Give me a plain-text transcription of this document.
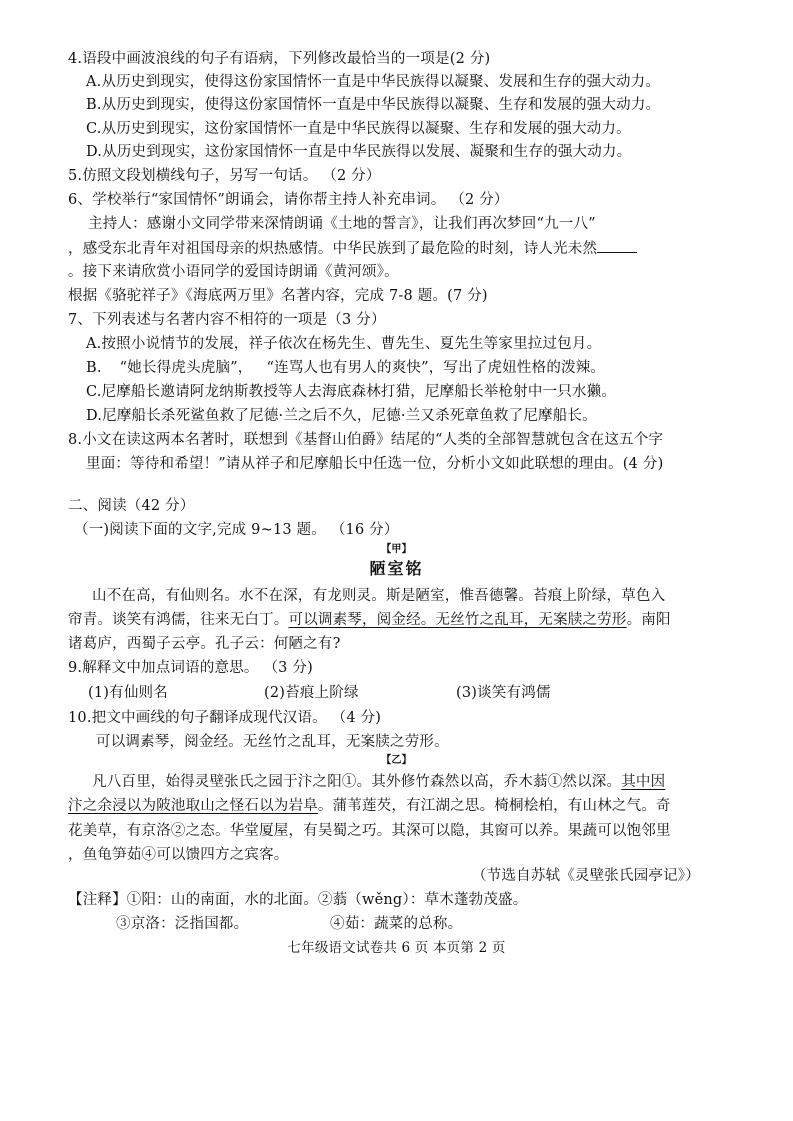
4.语段中画波浪线的句子有语病，下列修改最恰当的一项是(2 分)
A.从历史到现实，使得这份家国情怀一直是中华民族得以凝聚、发展和生存的强大动力。
B.从历史到现实，使得这份家国情怀一直是中华民族得以凝聚、生存和发展的强大动力。
C.从历史到现实，这份家国情怀一直是中华民族得以凝聚、生存和发展的强大动力。
D.从历史到现实，这份家国情怀一直是中华民族得以发展、凝聚和生存的强大动力。
5.仿照文段划横线句子，另写一句话。 （2 分）
6、学校举行“家国情怀”朗诵会，请你帮主持人补充串词。 （2 分）
主持人：感谢小文同学带来深情朗诵《土地的誓言》，让我们再次梦回“九一八”
，感受东北青年对祖国母亲的炽热感情。中华民族到了最危险的时刻，诗人光未然
。接下来请欣赏小语同学的爱国诗朗诵《黄河颂》。
根据《骆驼祥子》《海底两万里》名著内容，完成 7-8 题。(7 分)
7、下列表述与名著内容不相符的一项是（3 分）
A.按照小说情节的发展，祥子依次在杨先生、曹先生、夏先生等家里拉过包月。
B. “她长得虎头虎脑”， “连骂人也有男人的爽快”，写出了虎妞性格的泼辣。
C.尼摩船长邀请阿龙纳斯教授等人去海底森林打猎，尼摩船长举枪射中一只水獭。
D.尼摩船长杀死鲨鱼救了尼德·兰之后不久，尼德·兰又杀死章鱼救了尼摩船长。
8.小文在读这两本名著时，联想到《基督山伯爵》结尾的“人类的全部智慧就包含在这五个字
里面：等待和希望！”请从祥子和尼摩船长中任选一位，分析小文如此联想的理由。(4 分)
二、阅读（42 分）
（一)阅读下面的文字,完成 9~13 题。 （16 分）
【甲】
陋室铭
山不在高，有仙则名。水不在深，有龙则灵。斯是陋室，惟吾德馨。苔痕上阶绿，草色入
帘青。谈笑有鸿儒，往来无白丁。可以调素琴，阅金经。无丝竹之乱耳，无案牍之劳形。南阳
诸葛庐，西蜀子云亭。孔子云：何陋之有?
9.解释文中加点词语的意思。 （3 分)
(1)有仙则名	(2)苔痕上阶绿	(3)谈笑有鸿儒
10.把文中画线的句子翻译成现代汉语。 （4 分)
可以调素琴，阅金经。无丝竹之乱耳，无案牍之劳形。
【乙】
凡八百里，始得灵壁张氏之园于汴之阳①。其外修竹森然以高，乔木蓊①然以深。其中因
汴之余浸以为陂池取山之怪石以为岩阜。蒲苇莲芡，有江湖之思。椅桐桧柏，有山林之气。奇
花美草，有京洛②之态。华堂厦屋，有吴蜀之巧。其深可以隐，其窗可以养。果蔬可以饱邻里
，鱼龟笋茹④可以馈四方之宾客。
（节选自苏轼《灵壁张氏园亭记》）
【注释】①阳：山的南面，水的北面。②蓊（wěng）：草木蓬勃茂盛。
③京洛：泛指国都。	④茹：蔬菜的总称。
七年级语文试卷共 6 页 本页第 2 页
